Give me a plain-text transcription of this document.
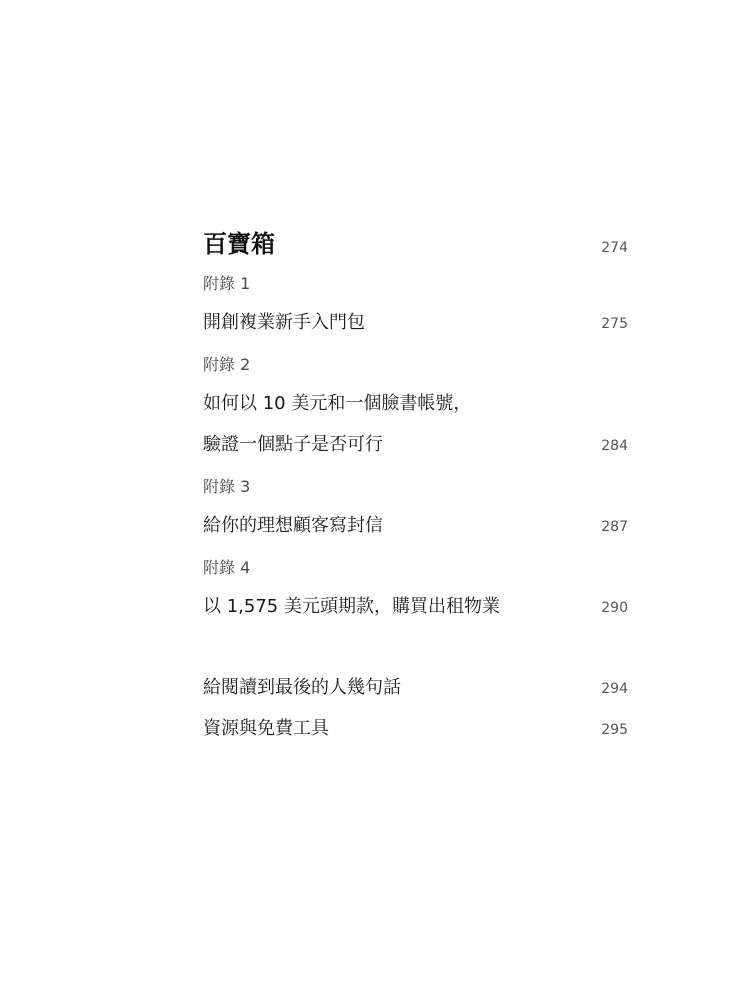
百寶箱	274
附錄 1
開創複業新手入門包	275
附錄 2
如何以 10 美元和一個臉書帳號，
驗證一個點子是否可行	284
附錄 3
給你的理想顧客寫封信	287
附錄 4
以 1,575 美元頭期款，購買出租物業	290
給閱讀到最後的人幾句話	294
資源與免費工具	295
